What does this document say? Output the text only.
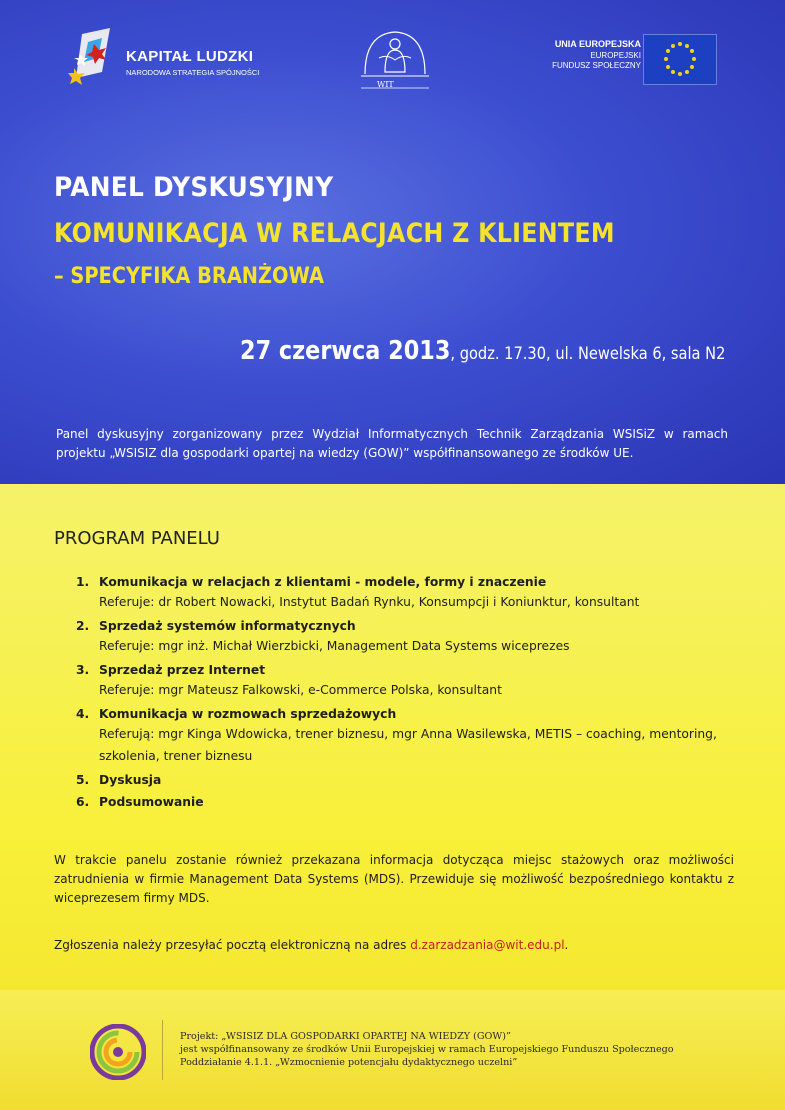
KAPITAŁ LUDZKI
NARODOWA STRATEGIA SPÓJNOŚCI
WIT
UNIA EUROPEJSKA
EUROPEJSKI
FUNDUSZ SPOŁECZNY
PANEL DYSKUSYJNY
KOMUNIKACJA W RELACJACH Z KLIENTEM
– SPECYFIKA BRANŻOWA
27 czerwca 2013, godz. 17.30, ul. Newelska 6, sala N2
Panel dyskusyjny zorganizowany przez Wydział Informatycznych Technik Zarządzania WSISiZ w ramach projektu „WSISIZ dla gospodarki opartej na wiedzy (GOW)” współfinansowanego ze środków UE.
PROGRAM PANELU
1. Komunikacja w relacjach z klientami - modele, formy i znaczenie
Referuje: dr Robert Nowacki, Instytut Badań Rynku, Konsumpcji i Koniunktur, konsultant
2. Sprzedaż systemów informatycznych
Referuje: mgr inż. Michał Wierzbicki, Management Data Systems wiceprezes
3. Sprzedaż przez Internet
Referuje: mgr Mateusz Falkowski, e-Commerce Polska, konsultant
4. Komunikacja w rozmowach sprzedażowych
Referują: mgr Kinga Wdowicka, trener biznesu, mgr Anna Wasilewska, METIS – coaching, mentoring, szkolenia, trener biznesu
5. Dyskusja
6. Podsumowanie
W trakcie panelu zostanie również przekazana informacja dotycząca miejsc stażowych oraz możliwości zatrudnienia w firmie Management Data Systems (MDS). Przewiduje się możliwość bezpośredniego kontaktu z wiceprezesem firmy MDS.
Zgłoszenia należy przesyłać pocztą elektroniczną na adres d.zarzadzania@wit.edu.pl.
Projekt: „WSISIZ DLA GOSPODARKI OPARTEJ NA WIEDZY (GOW)”
jest współfinansowany ze środków Unii Europejskiej w ramach Europejskiego Funduszu Społecznego
Poddziałanie 4.1.1. „Wzmocnienie potencjału dydaktycznego uczelni”
